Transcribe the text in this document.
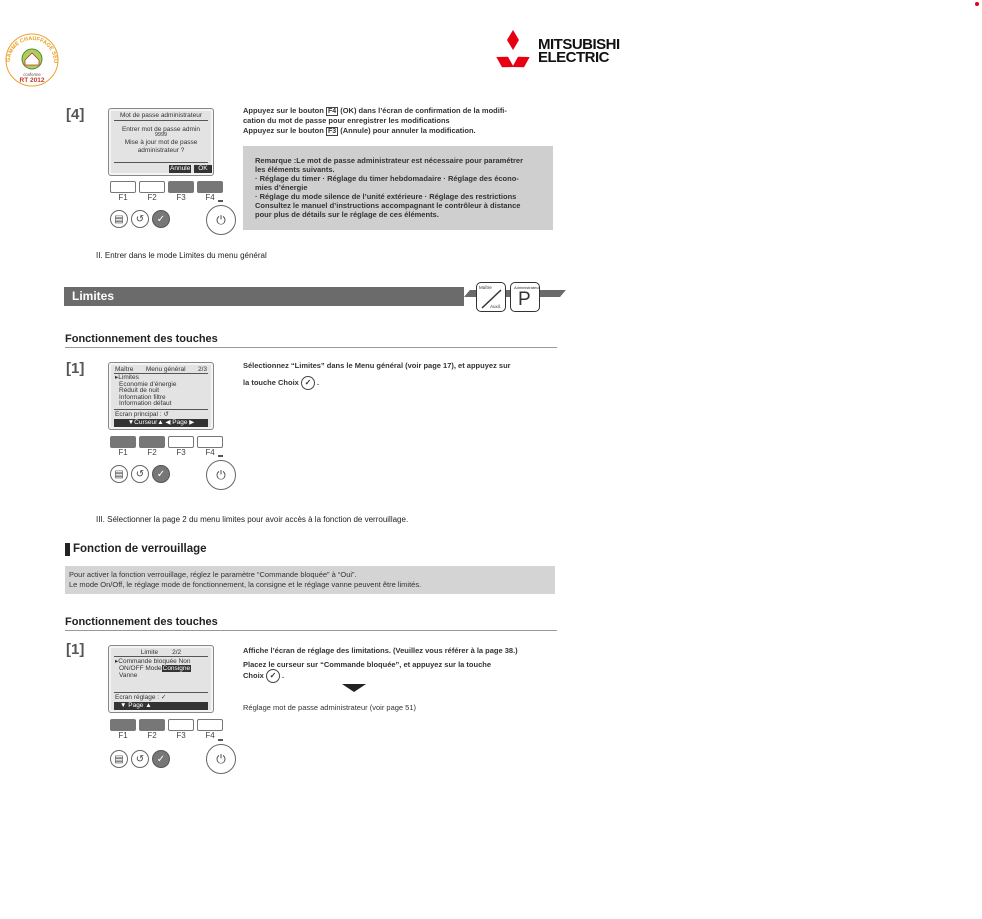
GAMME CHAUFFAGE SEU
conforme
RT 2012
MITSUBISHI
ELECTRIC
[4]	Mot de passe administrateur
Entrer mot de passe admin
9999
Mise à jour mot de passe
administrateur ?
Annule	OK
F1	F2	F3	F4
▤	↺	✓	⏻
Appuyez sur le bouton F4 (OK) dans l’écran de confirmation de la modifi-
cation du mot de passe pour enregistrer les modifications
Appuyez sur le bouton F3 (Annule) pour annuler la modification.
Remarque :Le mot de passe administrateur est nécessaire pour paramétrer
les éléments suivants.
· Réglage du timer · Réglage du timer hebdomadaire · Réglage des écono-
mies d’énergie
· Réglage du mode silence de l’unité extérieure · Réglage des restrictions
Consultez le manuel d’instructions accompagnant le contrôleur à distance
pour plus de détails sur le réglage de ces éléments.
II. Entrer dans le mode Limites du menu général
Limites
Maître
Auxil.
Administrateur
P
Fonctionnement des touches
[1]	Maître Menu général 2/3
▸Limites
Economie d’énergie
Réduit de nuit
Information filtre
Information défaut
Ecran principal : ↺
▼Curseur▲ ◀ Page ▶
F1	F2	F3	F4
▤	↺	✓	⏻
Sélectionnez “Limites” dans le Menu général (voir page 17), et appuyez sur
la touche Choix ✓ .
III. Sélectionner la page 2 du menu limites pour avoir accès à la fonction de verrouillage.
Fonction de verrouillage
Pour activer la fonction verrouillage, réglez le paramètre “Commande bloquée” à “Oui”.
Le mode On/Off, le réglage mode de fonctionnement, la consigne et le réglage vanne peuvent être limités.
Fonctionnement des touches
[1]	Limite 2/2
▸Commande bloquée Non
ON/OFF ModeConsigne
Vanne
Ecran réglage : ✓
▼ Page ▲
F1	F2	F3	F4
▤	↺	✓	⏻
Affiche l’écran de réglage des limitations. (Veuillez vous référer à la page 38.)
Placez le curseur sur “Commande bloquée”, et appuyez sur la touche
Choix ✓ .
Réglage mot de passe administrateur (voir page 51)
